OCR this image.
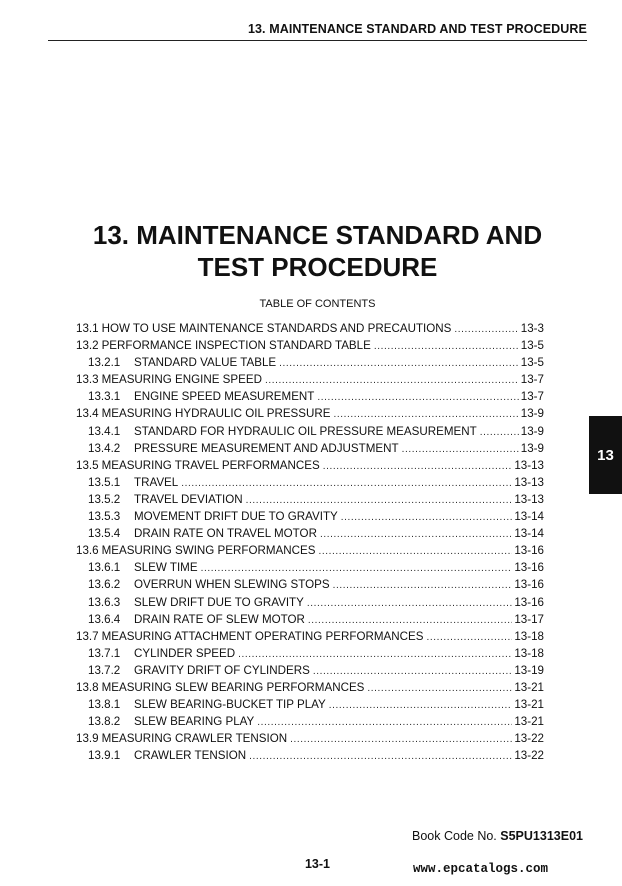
13. MAINTENANCE STANDARD AND TEST PROCEDURE
13. MAINTENANCE STANDARD AND
TEST PROCEDURE
TABLE OF CONTENTS
13.1 HOW TO USE MAINTENANCE STANDARDS AND PRECAUTIONS .....	13-3
13.2 PERFORMANCE INSPECTION STANDARD TABLE .....	13-5
13.2.1	STANDARD VALUE TABLE .....	13-5
13.3 MEASURING ENGINE SPEED .....	13-7
13.3.1	ENGINE SPEED MEASUREMENT .....	13-7
13.4 MEASURING HYDRAULIC OIL PRESSURE .....	13-9
13.4.1	STANDARD FOR HYDRAULIC OIL PRESSURE MEASUREMENT .....	13-9
13.4.2	PRESSURE MEASUREMENT AND ADJUSTMENT .....	13-9
13.5 MEASURING TRAVEL PERFORMANCES .....	13-13
13.5.1	TRAVEL .....	13-13
13.5.2	TRAVEL DEVIATION .....	13-13
13.5.3	MOVEMENT DRIFT DUE TO GRAVITY .....	13-14
13.5.4	DRAIN RATE ON TRAVEL MOTOR .....	13-14
13.6 MEASURING SWING PERFORMANCES .....	13-16
13.6.1	SLEW TIME .....	13-16
13.6.2	OVERRUN WHEN SLEWING STOPS .....	13-16
13.6.3	SLEW DRIFT DUE TO GRAVITY .....	13-16
13.6.4	DRAIN RATE OF SLEW MOTOR .....	13-17
13.7 MEASURING ATTACHMENT OPERATING PERFORMANCES .....	13-18
13.7.1	CYLINDER SPEED .....	13-18
13.7.2	GRAVITY DRIFT OF CYLINDERS .....	13-19
13.8 MEASURING SLEW BEARING PERFORMANCES .....	13-21
13.8.1	SLEW BEARING-BUCKET TIP PLAY .....	13-21
13.8.2	SLEW BEARING PLAY .....	13-21
13.9 MEASURING CRAWLER TENSION .....	13-22
13.9.1	CRAWLER TENSION .....	13-22
13
Book Code No. S5PU1313E01
13-1	www.epcatalogs.com
